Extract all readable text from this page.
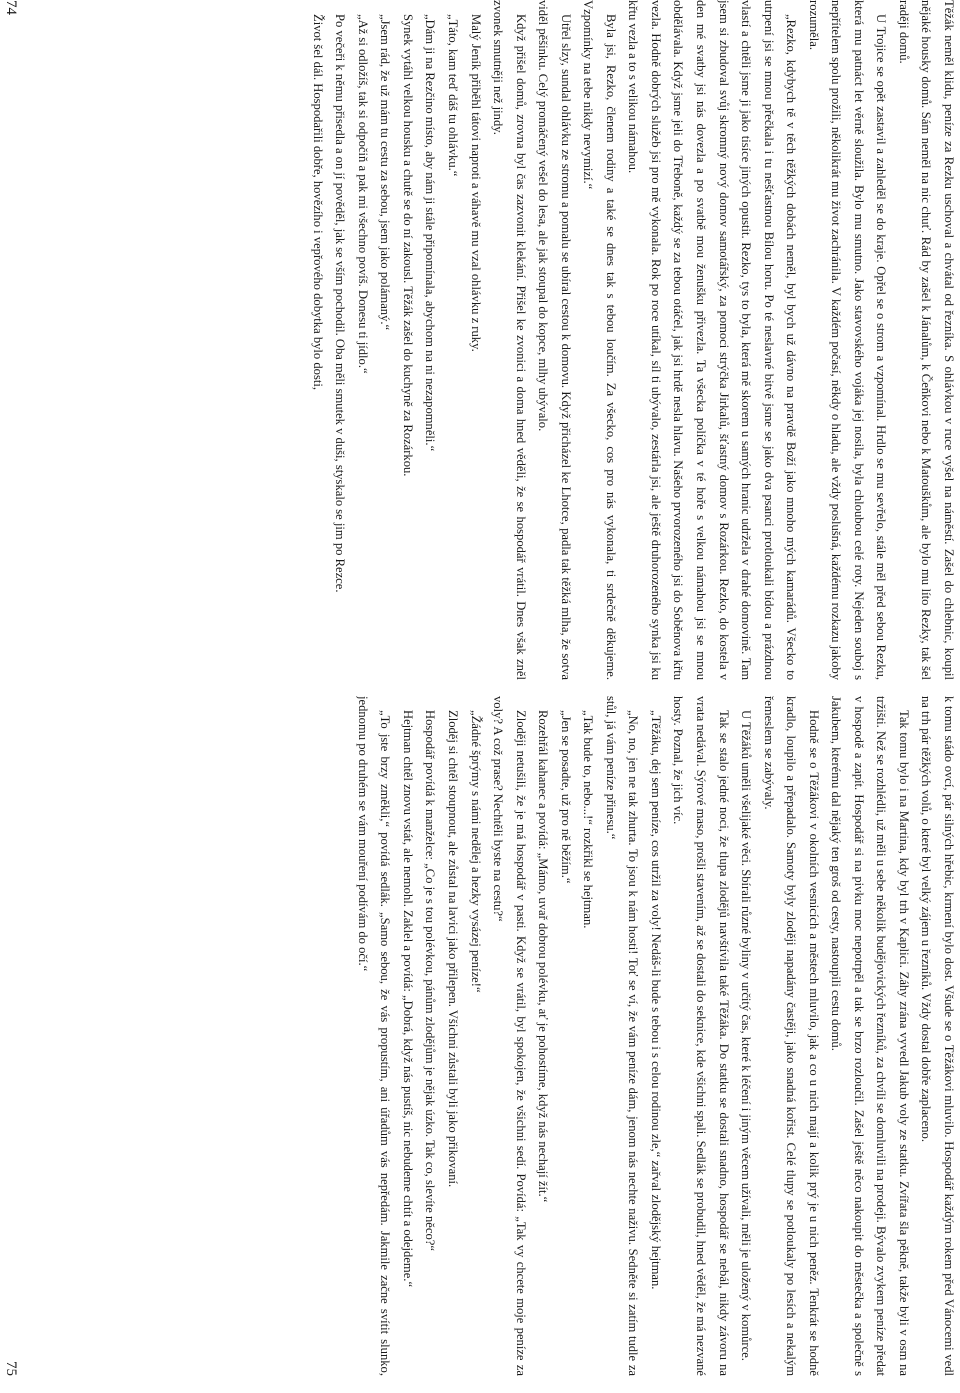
Těžák neměl klidu, peníze za Rezku uschoval a chvátal od řezníka. S ohlávkou v ruce vyšel na náměstí. Zašel do chlebnic, koupil nějaké housky domů. Sám neměl na nic chuť. Rád by zašel k Jánalům, k Čeňkovi nebo k Matouškům, ale bylo mu líto Rezky, tak šel raději domů.

U Trojice se opět zastavil a zahleděl se do kraje. Opřel se o strom a vzpomínal. Hrdlo se mu sevřelo, stále měl před sebou Rezku, která mu patnáct let věrně sloužila. Bylo mu smutno. Jako stavovského vojáka jej nosila, byla chloubou celé roty. Nejeden souboj s nepřítelem spolu prožili, několikrát mu život zachránila. V každém počasí, někdy o hladu, ale vždy poslušná, každému rozkazu jakoby rozuměla.

„Rezko, kdybych tě v těch těžkých dobách neměl, byl bych už dávno na pravdě Boží jako mnoho mých kamarádů. Všecko to utrpení jsi se mnou přečkala i tu nešťastnou Bílou horu. Po té neslavné bitvě jsme se jako dva psanci protloukali bídou a prázdnou vlastí a chtěli jsme ji jako tisíce jiných opustit. Rezko, tys to byla, která mě skorem u samých hranic udržela v drahé domovině. Tam jsem si zbudoval svůj skromný nový domov samotářský, za pomoci strýčka Jirkalů, šťastný domov s Rozárkou. Rezko, do kostela v den mé svatby jsi nás dovezla a po svatbě mou ženušku přivezla. Ta všecka políčka v té hoře s velkou námahou jsi se mnou obdělávala. Když jsme jeli do Třeboně, každý se za tebou otáčel, jak jsi hrdě nesla hlavu. Našeho prvorozeného jsi do Soběnova křtu vezla. Hodně dobrých služeb jsi pro mě vykonala. Rok po roce utíkal, síl ti ubývalo, zestárla jsi, ale ještě druhorozeného synka jsi ku křtu vezla a to s velikou námahou.

Byla jsi, Rezko, členem rodiny a také se dnes tak s tebou loučím. Za všecko, cos pro nás vykonala, ti srdečně děkujeme. Vzpomínky na tebe nikdy nevymizí.“

Utřel slzy, sundal ohlávku ze stromu a pomalu se ubíral cestou k domovu. Když přicházel ke Lhotce, padla tak těžká mlha, že sotva viděl pěšinku. Celý promáčený vešel do lesa, ale jak stoupal do kopce, mlhy ubývalo.

Když přišel domů, zrovna byl čas zazvonit klekání. Přišel ke zvonici a doma hned věděli, že se hospodář vrátil. Dnes však zněl zvonek smutněji než jindy.

Malý Jeník přiběhl tátovi naproti a váhavě mu vzal ohlávku z ruky.

„Táto, kam teď dáš tu ohlávku.“

„Dám ji na Rezčino místo, aby nám ji stále připomínala, abychom na ni nezapomněli.“

Synek vytáhl velkou housku a chutě se do ní zakousl. Těžák zašel do kuchyně za Rozárkou.

„Jsem rád, že už mám tu cestu za sebou, jsem jako polámaný.“

„Až si odložíš, tak si odpočiň a pak mi všechno povíš. Donesu ti jídlo.“

Po večeři k němu přisedla a on jí pověděl, jak se vším pochodil. Oba měli smutek v duši, styskalo se jim po Rezce.

Život šel dál. Hospodařili dobře, hovězího i vepřového dobytka bylo dosti,

74

k tomu stádo ovcí, pár silných hřebic, krmení bylo dost. Všude se o Těžákovi mluvilo. Hospodář každým rokem před Vánocemi vedl na trh pár těžkých volů, o které byl velký zájem u řezníků. Vždy dostal dobře zaplaceno.

Tak tomu bylo i na Martina, kdy byl trh v Kaplici. Záhy zrána vyvedl Jakub voly ze statku. Zvířata šla pěkně, takže byli v osm na tržišti. Než se rozhlédli, už měli u sebe několik budějovických řezníků, za chvíli se domluvili na prodeji. Bývalo zvykem peníze předat v hospodě a zapít. Hospodář si na pivku moc nepotrpěl a tak se brzo rozloučil. Zašel ještě něco nakoupit do městečka a společně s Jakubem, kterému dal nějaký ten groš od cesty, nastoupili cestu domů.

Hodně se o Těžákovi v okolních vesnicích a městech mluvilo, jak a co u nich mají a kolik prý je u nich peněz. Tenkrát se hodně kradlo, loupilo a přepadalo. Samoty byly zloději napadány častěji, jako snadná kořist. Celé tlupy se potloukaly po lesích a nekalým řemeslem se zabývaly.

U Těžáků uměli všelijaké věci. Sbírali různé byliny v určitý čas, které k léčení i jiným věcem užívali, měli je uložený v komůrce.

Tak se stalo jedné noci, že tlupa zlodějů navštívila také Těžáka. Do statku se dostali snadno, hospodář se nebál, nikdy závoru na vrata nedával. Sýrové maso, prošli stavením, až se dostali do seknice, kde všichni spali. Sedlák se probudil, hned věděl, že má nezvané hosty. Poznal, že jich víc.

„Těžáku, dej sem peníze, cos utržil za voly! Nedáš-li bude s tebou i s celou rodinou zle,“ zařval zlodějský hejtman.

„No, no, jen ne tak zhurta. To jsou k nám hosti! Toť se ví, že vám peníze dám, jenom nás nechte naživu. Sedněte si zatím tudle za stůl, já vám peníze přinesu.“

„Tak bude to, nebo...!“ rozkřikl se hejtman.

„Jen se posadte, už pro ně běžím.“

Rozehřál kahanec a povídá: „Mámo, uvař dobrou polévku, ať je pohostíme, když nás nechají žít.“

Zloději netušili, že je má hospodář v pasti. Když se vrátil, byl spokojen, že všichni sedí. Povídá: „Tak vy chcete moje peníze za voly? A což prase? Nechtěli byste na cestu?“

„Žádné šprýmy s námi nedělej a hezky vysázej peníze!“

Zloděj si chtěl stoupnout, ale zůstal na lavici jako přilepen. Všichni zůstali byli jako přikovaní.

Hospodář povídá k manželce: „Co je s tou polévkou, pánům zlodějům je nějak úzko. Tak co, slevíte něco?“

Hejtman chtěl znovu vstát, ale nemohl. Zaklel a povídá: „Dobrá, když nás pustíš, nic nebudeme chtít a odejdeme.“

„To jste brzy změkli,“ povídá sedlák. „Samo sebou, že vás propustím, ani úřadům vás nepředám. Jakmile začne svítit slunko, jednomu po druhém se vám mouření podívám do očí.“

75
